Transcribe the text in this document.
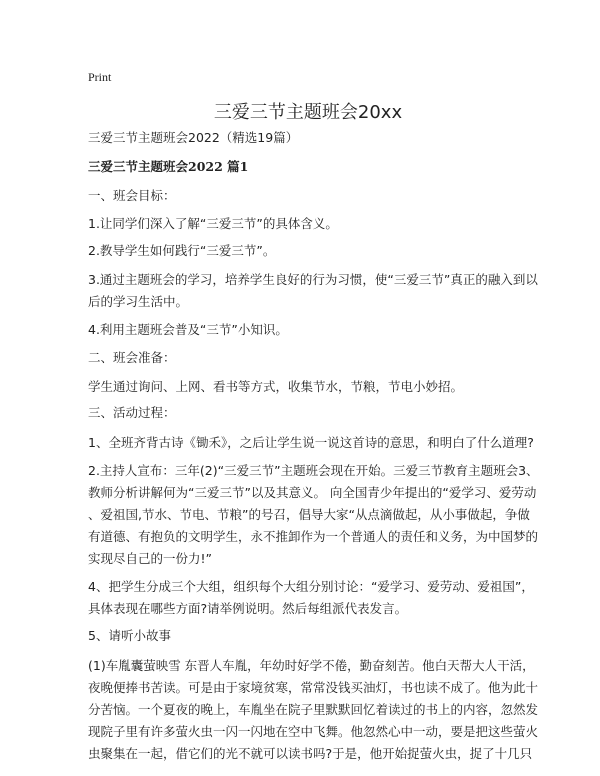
Print
三爱三节主题班会20xx
三爱三节主题班会2022（精选19篇）
三爱三节主题班会2022 篇1
一、班会目标：
1.让同学们深入了解“三爱三节”的具体含义。
2.教导学生如何践行“三爱三节”。
3.通过主题班会的学习，培养学生良好的行为习惯，使“三爱三节”真正的融入到以
后的学习生活中。
4.利用主题班会普及“三节”小知识。
二、班会准备：
学生通过询问、上网、看书等方式，收集节水，节粮，节电小妙招。
三、活动过程：
1、全班齐背古诗《锄禾》，之后让学生说一说这首诗的意思，和明白了什么道理?
2.主持人宣布：三年(2)“三爱三节”主题班会现在开始。三爱三节教育主题班会3、
教师分析讲解何为“三爱三节”以及其意义。 向全国青少年提出的“爱学习、爱劳动
、爱祖国,节水、节电、节粮”的号召，倡导大家“从点滴做起，从小事做起，争做
有道德、有抱负的文明学生，永不推卸作为一个普通人的责任和义务，为中国梦的
实现尽自己的一份力!”
4、把学生分成三个大组，组织每个大组分别讨论：“爱学习、爱劳动、爱祖国”，
具体表现在哪些方面?请举例说明。然后每组派代表发言。
5、请听小故事
(1)车胤囊萤映雪 东晋人车胤，年幼时好学不倦，勤奋刻苦。他白天帮大人干活，
夜晚便捧书苦读。可是由于家境贫寒，常常没钱买油灯，书也读不成了。他为此十
分苦恼。一个夏夜的晚上，车胤坐在院子里默默回忆着读过的书上的内容，忽然发
现院子里有许多萤火虫一闪一闪地在空中飞舞。他忽然心中一动，要是把这些萤火
虫聚集在一起，借它们的光不就可以读书吗?于是，他开始捉萤火虫，捉了十几只
